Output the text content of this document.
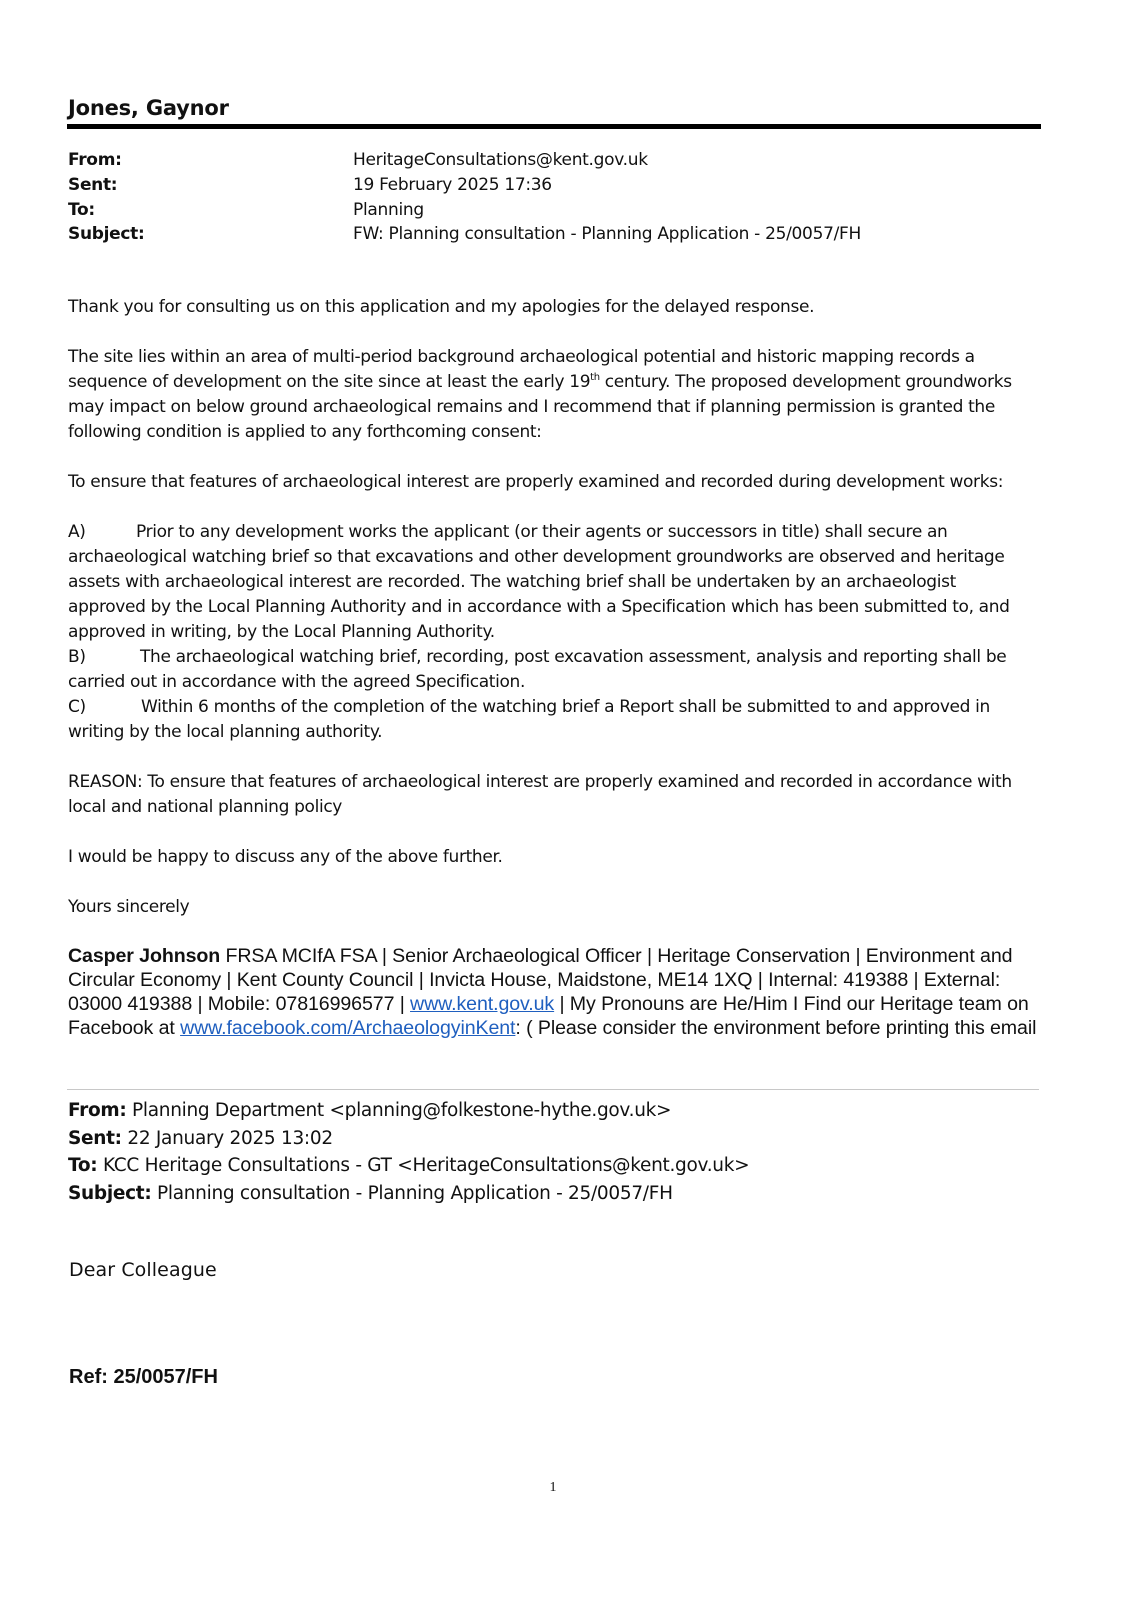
Jones, Gaynor
From:	HeritageConsultations@kent.gov.uk
Sent:	19 February 2025 17:36
To:	Planning
Subject:	FW: Planning consultation - Planning Application - 25/0057/FH

Thank you for consulting us on this application and my apologies for the delayed response.

The site lies within an area of multi-period background archaeological potential and historic mapping records a sequence of development on the site since at least the early 19th century. The proposed development groundworks may impact on below ground archaeological remains and I recommend that if planning permission is granted the following condition is applied to any forthcoming consent:

To ensure that features of archaeological interest are properly examined and recorded during development works:

A)	Prior to any development works the applicant (or their agents or successors in title) shall secure an archaeological watching brief so that excavations and other development groundworks are observed and heritage assets with archaeological interest are recorded. The watching brief shall be undertaken by an archaeologist approved by the Local Planning Authority and in accordance with a Specification which has been submitted to, and approved in writing, by the Local Planning Authority.

B)	The archaeological watching brief, recording, post excavation assessment, analysis and reporting shall be carried out in accordance with the agreed Specification.

C)	Within 6 months of the completion of the watching brief a Report shall be submitted to and approved in writing by the local planning authority.

REASON: To ensure that features of archaeological interest are properly examined and recorded in accordance with local and national planning policy

I would be happy to discuss any of the above further.

Yours sincerely

Casper Johnson FRSA MCIfA FSA | Senior Archaeological Officer | Heritage Conservation | Environment and Circular Economy | Kent County Council | Invicta House, Maidstone, ME14 1XQ | Internal: 419388 | External: 03000 419388 | Mobile: 07816996577 | www.kent.gov.uk | My Pronouns are He/Him I Find our Heritage team on Facebook at www.facebook.com/ArchaeologyinKent: ( Please consider the environment before printing this email
From: Planning Department <planning@folkestone-hythe.gov.uk>
Sent: 22 January 2025 13:02
To: KCC Heritage Consultations - GT <HeritageConsultations@kent.gov.uk>
Subject: Planning consultation - Planning Application - 25/0057/FH
Dear Colleague
Ref: 25/0057/FH
1
